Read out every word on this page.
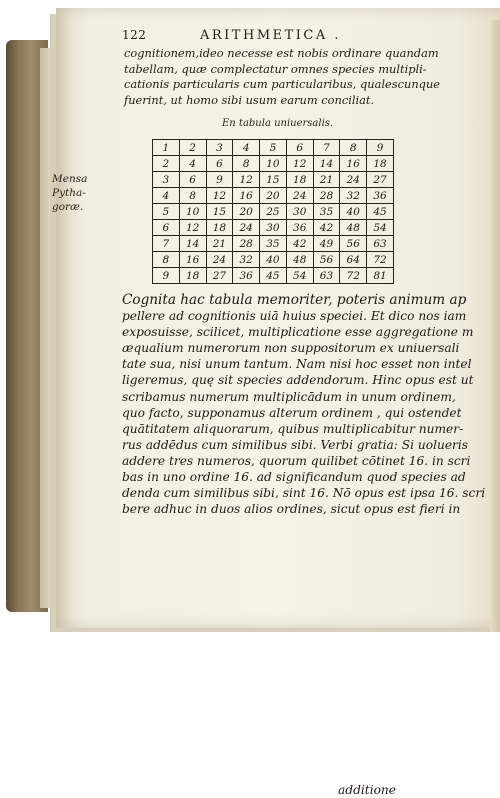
122	ARITHMETICA .
cognitionem,ideo necesse est nobis ordinare quandam
tabellam, quæ complectatur omnes species multipli-
cationis particularis cum particularibus, qualescunque
fuerint, ut homo sibi usum earum conciliat.
En tabula uniuersalis.
Mensa Pytha-
goræ.
1	2	3	4	5	6	7	8	9
2	4	6	8	10	12	14	16	18
3	6	9	12	15	18	21	24	27
4	8	12	16	20	24	28	32	36
5	10	15	20	25	30	35	40	45
6	12	18	24	30	36	42	48	54
7	14	21	28	35	42	49	56	63
8	16	24	32	40	48	56	64	72
9	18	27	36	45	54	63	72	81
Cognita hac tabula memoriter, poteris animum ap
pellere ad cognitionis uiā huius speciei. Et dico nos iam
exposuisse, scilicet, multiplicatione esse aggregatione m
æqualium numerorum non suppositorum ex uniuersali
tate sua, nisi unum tantum. Nam nisi hoc esset non intel
ligeremus, quę sit species addendorum. Hinc opus est ut
scribamus numerum multiplicādum in unum ordinem,
quo facto, supponamus alterum ordinem , qui ostendet
quātitatem aliquorarum, quibus multiplicabitur numer-
rus addēdus cum similibus sibi. Verbi gratia: Si uolueris
addere tres numeros, quorum quilibet cōtinet 16. in scri
bas in uno ordine 16. ad significandum quod species ad
denda cum similibus sibi, sint 16. Nō opus est ipsa 16. scri
bere adhuc in duos alios ordines, sicut opus est fieri in
additione
